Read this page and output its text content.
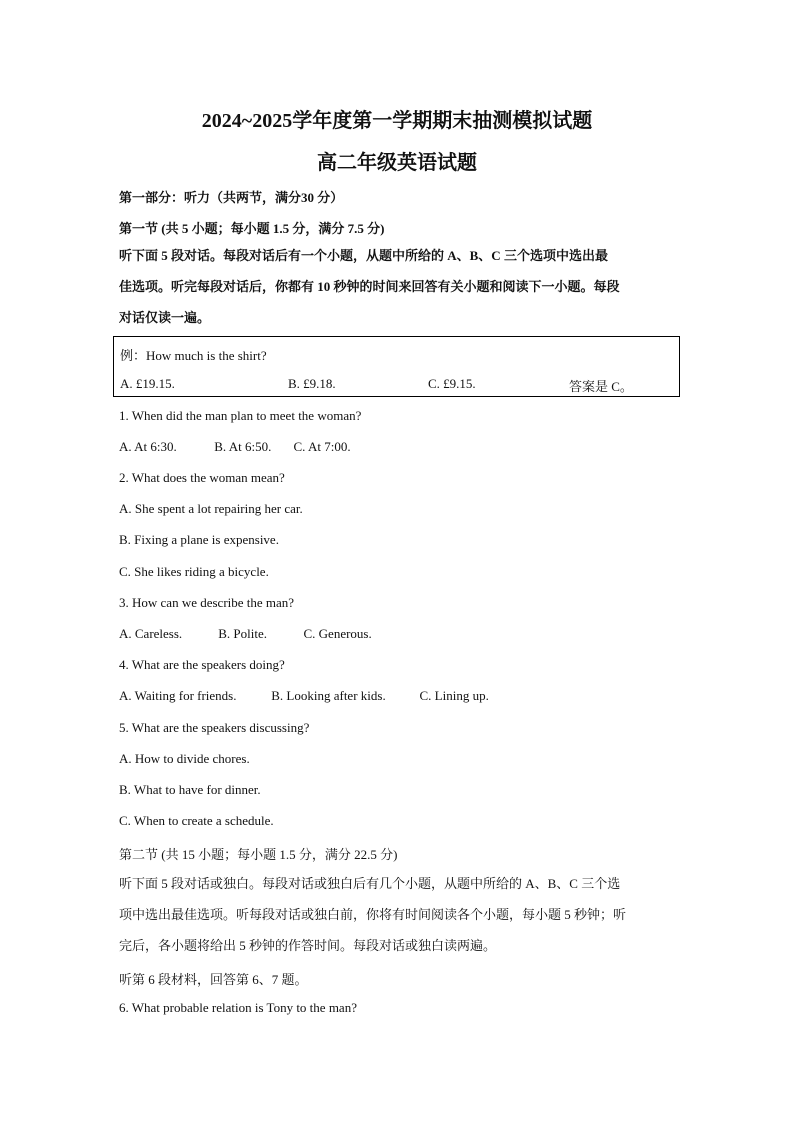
2024~2025学年度第一学期期末抽测模拟试题
高二年级英语试题
第一部分：听力（共两节，满分30 分）
第一节 (共 5 小题；每小题 1.5 分，满分 7.5 分)
听下面 5 段对话。每段对话后有一个小题，从题中所给的 A、B、C 三个选项中选出最
佳选项。听完每段对话后，你都有 10 秒钟的时间来回答有关小题和阅读下一小题。每段
对话仅读一遍。
例：How much is the shirt?
A. £19.15.	B. £9.18.	C. £9.15.	答案是 C。
1. When did the man plan to meet the woman?
A. At 6:30.	B. At 6:50. C. At 7:00.
2. What does the woman mean?
A. She spent a lot repairing her car.
B. Fixing a plane is expensive.
C. She likes riding a bicycle.
3. How can we describe the man?
A. Careless.	B. Polite.	C. Generous.
4. What are the speakers doing?
A. Waiting for friends.	B. Looking after kids.	C. Lining up.
5. What are the speakers discussing?
A. How to divide chores.
B. What to have for dinner.
C. When to create a schedule.
第二节 (共 15 小题；每小题 1.5 分，满分 22.5 分)
听下面 5 段对话或独白。每段对话或独白后有几个小题，从题中所给的 A、B、C 三个选
项中选出最佳选项。听每段对话或独白前，你将有时间阅读各个小题，每小题 5 秒钟；听
完后，各小题将给出 5 秒钟的作答时间。每段对话或独白读两遍。
听第 6 段材料，回答第 6、7 题。
6. What probable relation is Tony to the man?
